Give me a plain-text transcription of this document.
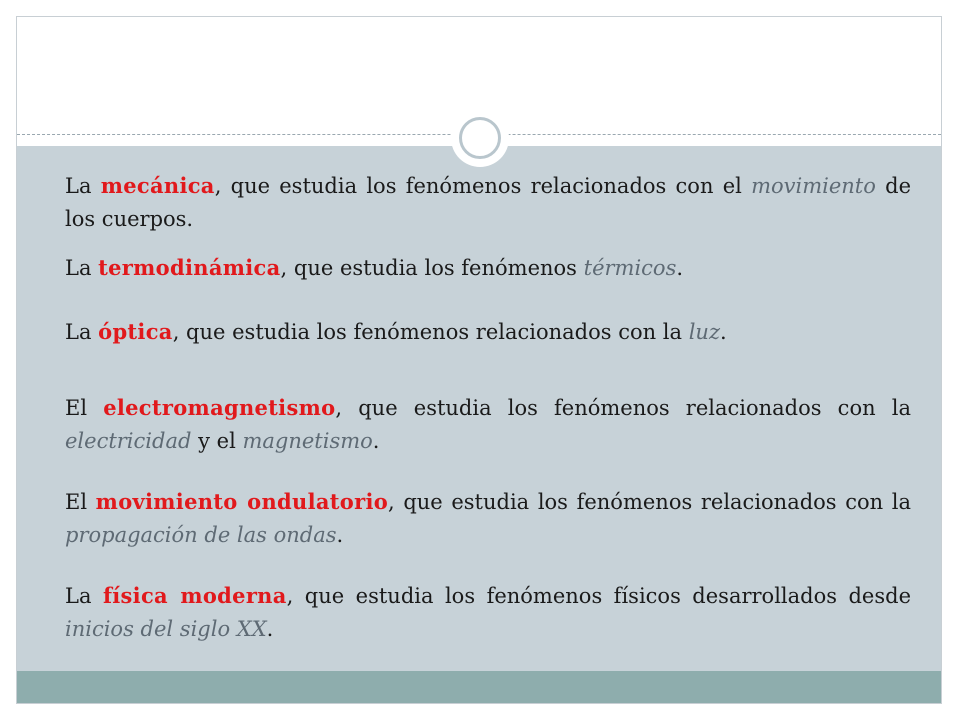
La mecánica, que estudia los fenómenos relacionados con el movimiento de los cuerpos.

La termodinámica, que estudia los fenómenos térmicos.

La óptica, que estudia los fenómenos relacionados con la luz.

El electromagnetismo, que estudia los fenómenos relacionados con la electricidad y el magnetismo.

El movimiento ondulatorio, que estudia los fenómenos relacionados con la propagación de las ondas.

La física moderna, que estudia los fenómenos físicos desarrollados desde inicios del siglo XX.
